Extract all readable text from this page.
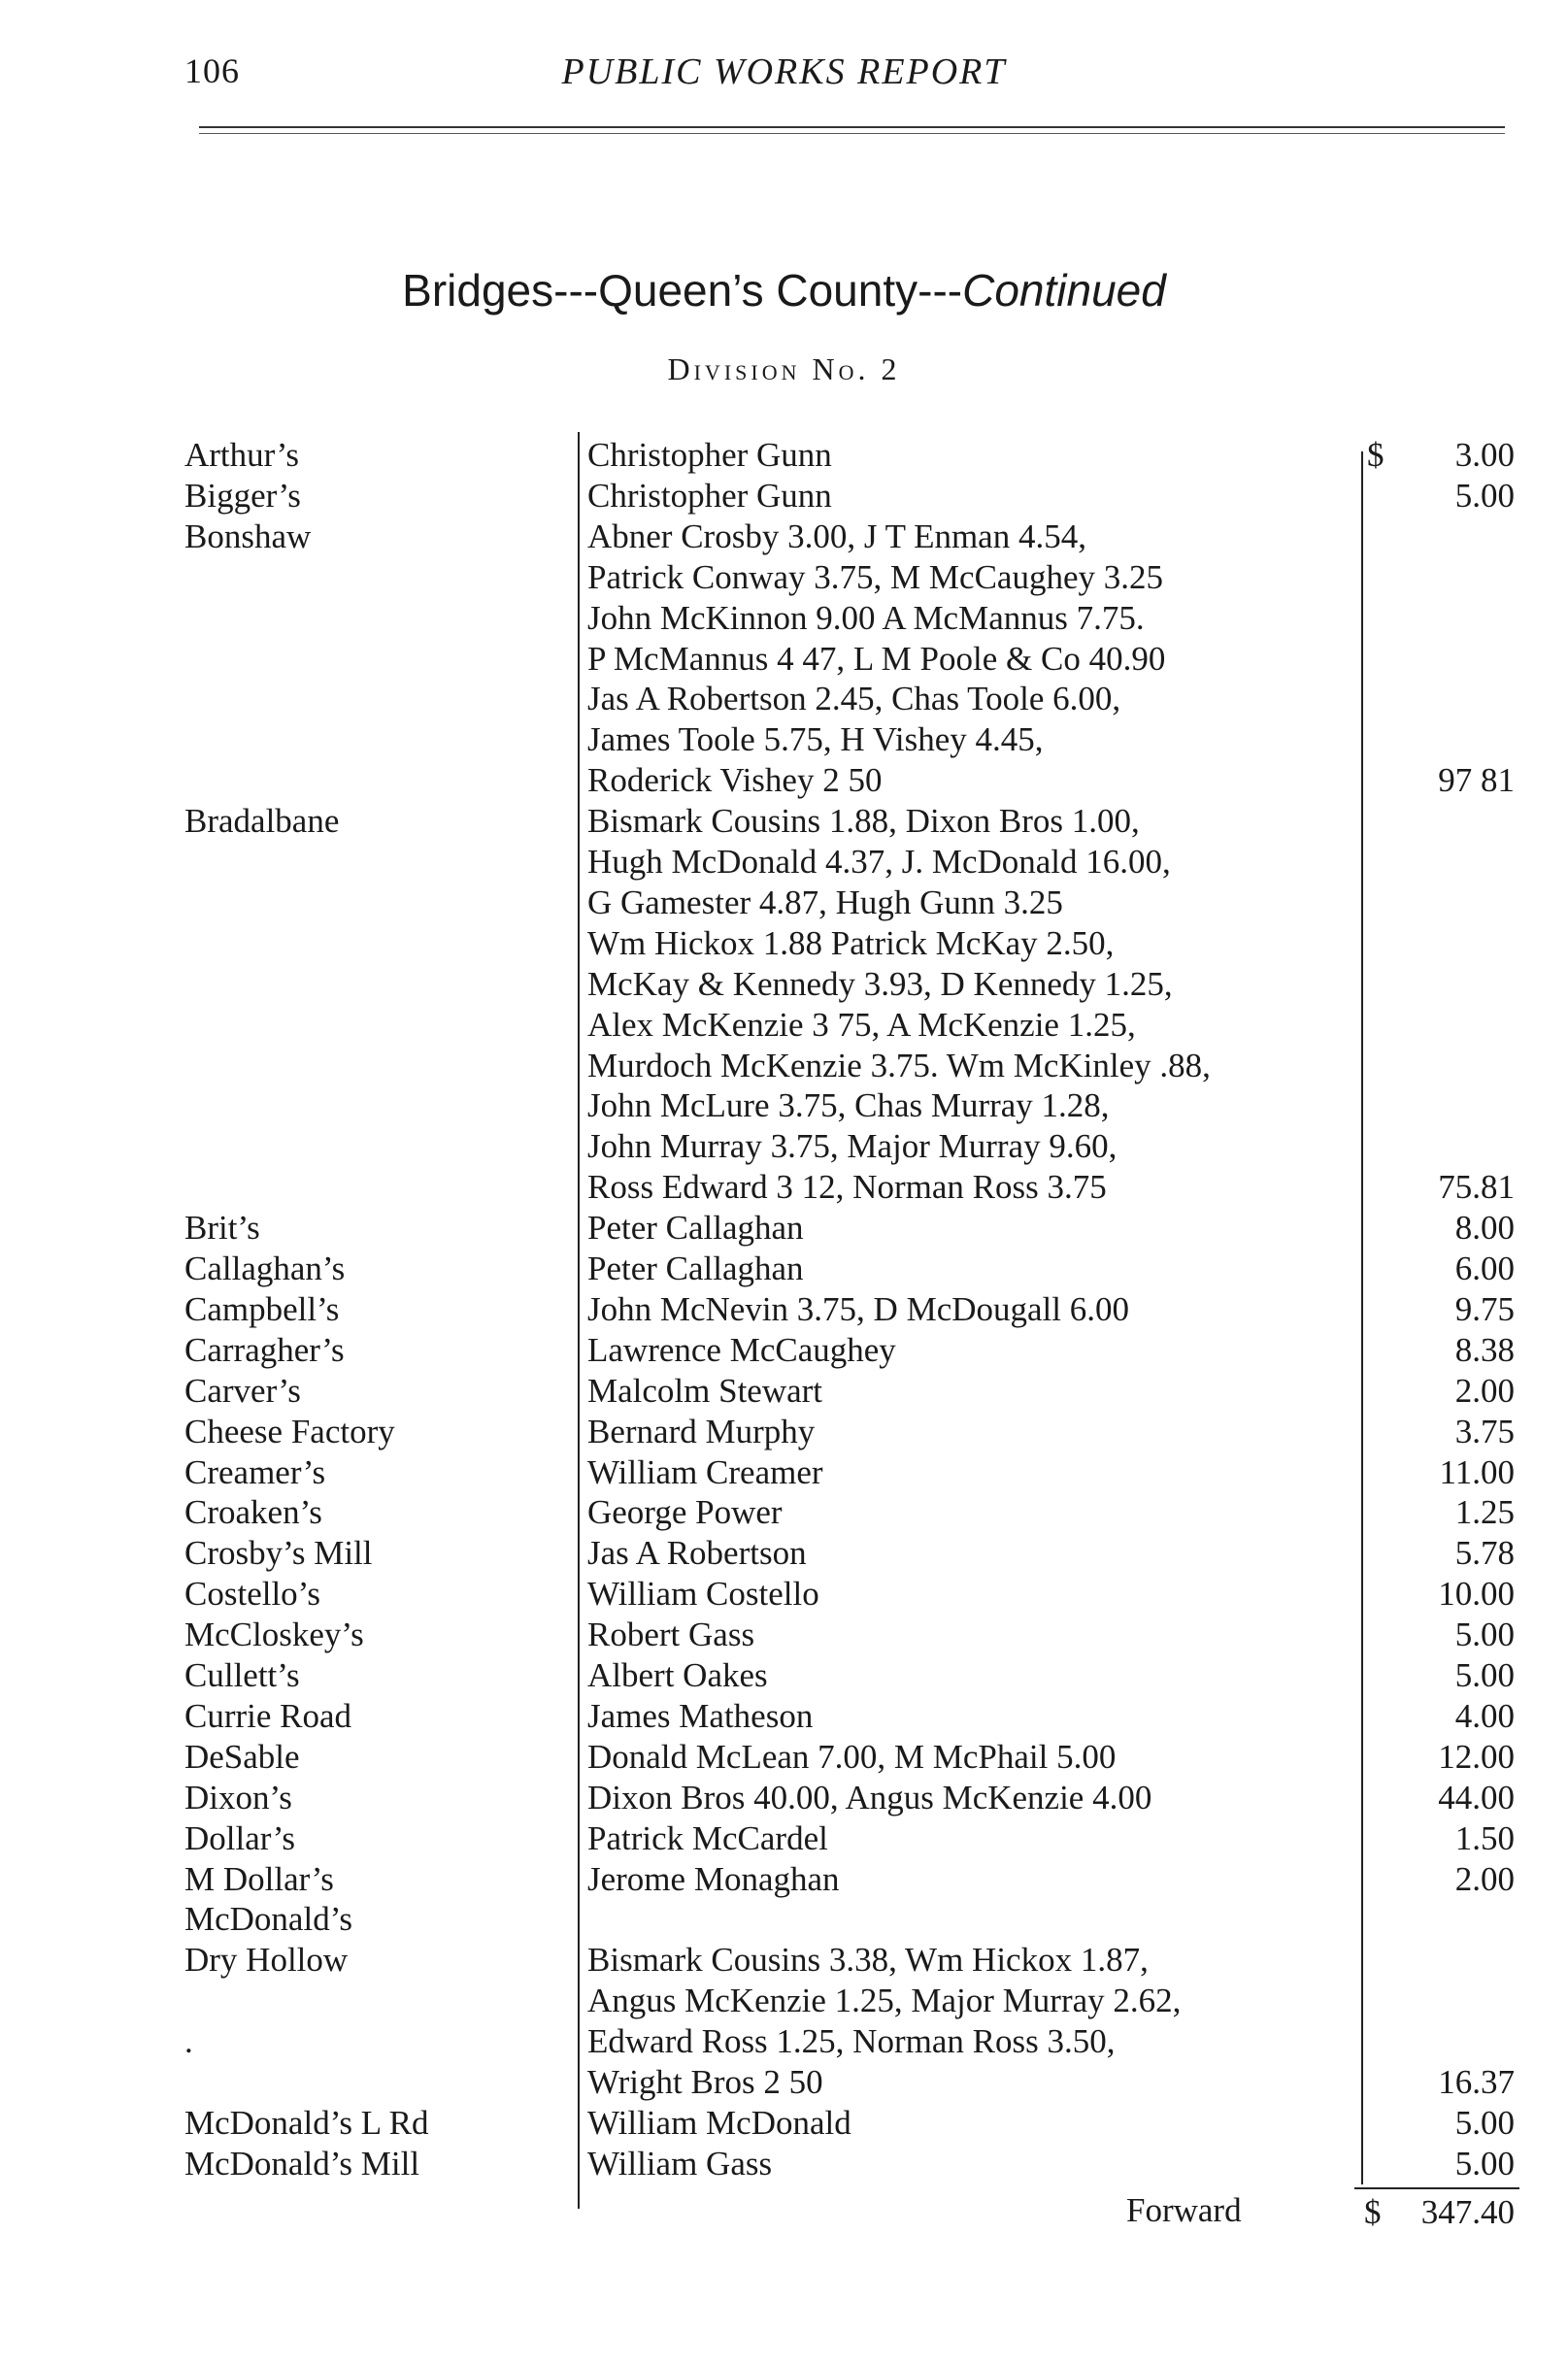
106	PUBLIC WORKS REPORT
Bridges---Queen’s County---Continued
Division No. 2
Arthur’s	Christopher Gunn	$ 3.00
Bigger’s	Christopher Gunn	5.00
Bonshaw	Abner Crosby 3.00, J T Enman 4.54,
Patrick Conway 3.75, M McCaughey 3.25
John McKinnon 9.00 A McMannus 7.75.
P McMannus 4 47, L M Poole & Co 40.90
Jas A Robertson 2.45, Chas Toole 6.00,
James Toole 5.75, H Vishey 4.45,
Roderick Vishey 2 50	97 81
Bradalbane	Bismark Cousins 1.88, Dixon Bros 1.00,
Hugh McDonald 4.37, J. McDonald 16.00,
G Gamester 4.87, Hugh Gunn 3.25
Wm Hickox 1.88 Patrick McKay 2.50,
McKay & Kennedy 3.93, D Kennedy 1.25,
Alex McKenzie 3 75, A McKenzie 1.25,
Murdoch McKenzie 3.75. Wm McKinley .88,
John McLure 3.75, Chas Murray 1.28,
John Murray 3.75, Major Murray 9.60,
Ross Edward 3 12, Norman Ross 3.75	75.81
Brit’s	Peter Callaghan	8.00
Callaghan’s	Peter Callaghan	6.00
Campbell’s	John McNevin 3.75, D McDougall 6.00	9.75
Carragher’s	Lawrence McCaughey	8.38
Carver’s	Malcolm Stewart	2.00
Cheese Factory	Bernard Murphy	3.75
Creamer’s	William Creamer	11.00
Croaken’s	George Power	1.25
Crosby’s Mill	Jas A Robertson	5.78
Costello’s	William Costello	10.00
McCloskey’s	Robert Gass	5.00
Cullett’s	Albert Oakes	5.00
Currie Road	James Matheson	4.00
DeSable	Donald McLean 7.00, M McPhail 5.00	12.00
Dixon’s	Dixon Bros 40.00, Angus McKenzie 4.00	44.00
Dollar’s	Patrick McCardel	1.50
M Dollar’s	Jerome Monaghan	2.00
McDonald’s
Dry Hollow	Bismark Cousins 3.38, Wm Hickox 1.87,
Angus McKenzie 1.25, Major Murray 2.62,
.	Edward Ross 1.25, Norman Ross 3.50,
Wright Bros 2 50	16.37
McDonald’s L Rd	William McDonald	5.00
McDonald’s Mill	William Gass	5.00
Forward	$ 347.40
